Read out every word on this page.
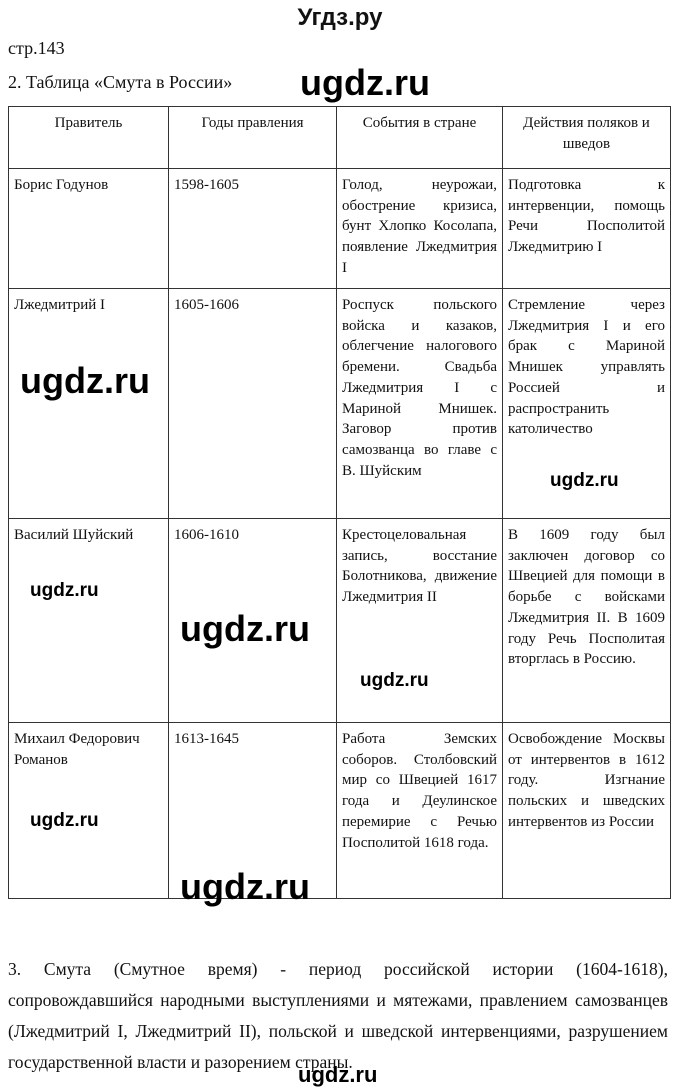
Угдз.ру
стр.143
2. Таблица «Смута в России»
Правитель	Годы правления	События в стране	Действия поляков и шведов
Борис Годунов	1598-1605	Голод, неурожаи, обострение кризиса, бунт Хлопко Косолапа, появление Лжедмитрия I	Подготовка к интервенции, помощь Речи Посполитой Лжедмитрию I
Лжедмитрий I	1605-1606	Роспуск польского войска и казаков, облегчение налогового бремени. Свадьба Лжедмитрия I с Мариной Мнишек. Заговор против самозванца во главе с В. Шуйским	Стремление через Лжедмитрия I и его брак с Мариной Мнишек управлять Россией и распространить католичество
Василий Шуйский	1606-1610	Крестоцеловальная запись, восстание Болотникова, движение Лжедмитрия II	В 1609 году был заключен договор со Швецией для помощи в борьбе с войсками Лжедмитрия II. В 1609 году Речь Посполитая вторглась в Россию.
Михаил Федорович Романов	1613-1645	Работа Земских соборов. Столбовский мир со Швецией 1617 года и Деулинское перемирие с Речью Посполитой 1618 года.	Освобождение Москвы от интервентов в 1612 году. Изгнание польских и шведских интервентов из России
3. Смута (Смутное время) - период российской истории (1604-1618), сопровождавшийся народными выступлениями и мятежами, правлением самозванцев (Лжедмитрий I, Лжедмитрий II), польской и шведской интервенциями, разрушением государственной власти и разорением страны.
ugdz.ru
ugdz.ru
ugdz.ru
ugdz.ru
ugdz.ru
ugdz.ru
ugdz.ru
ugdz.ru
ugdz.ru
